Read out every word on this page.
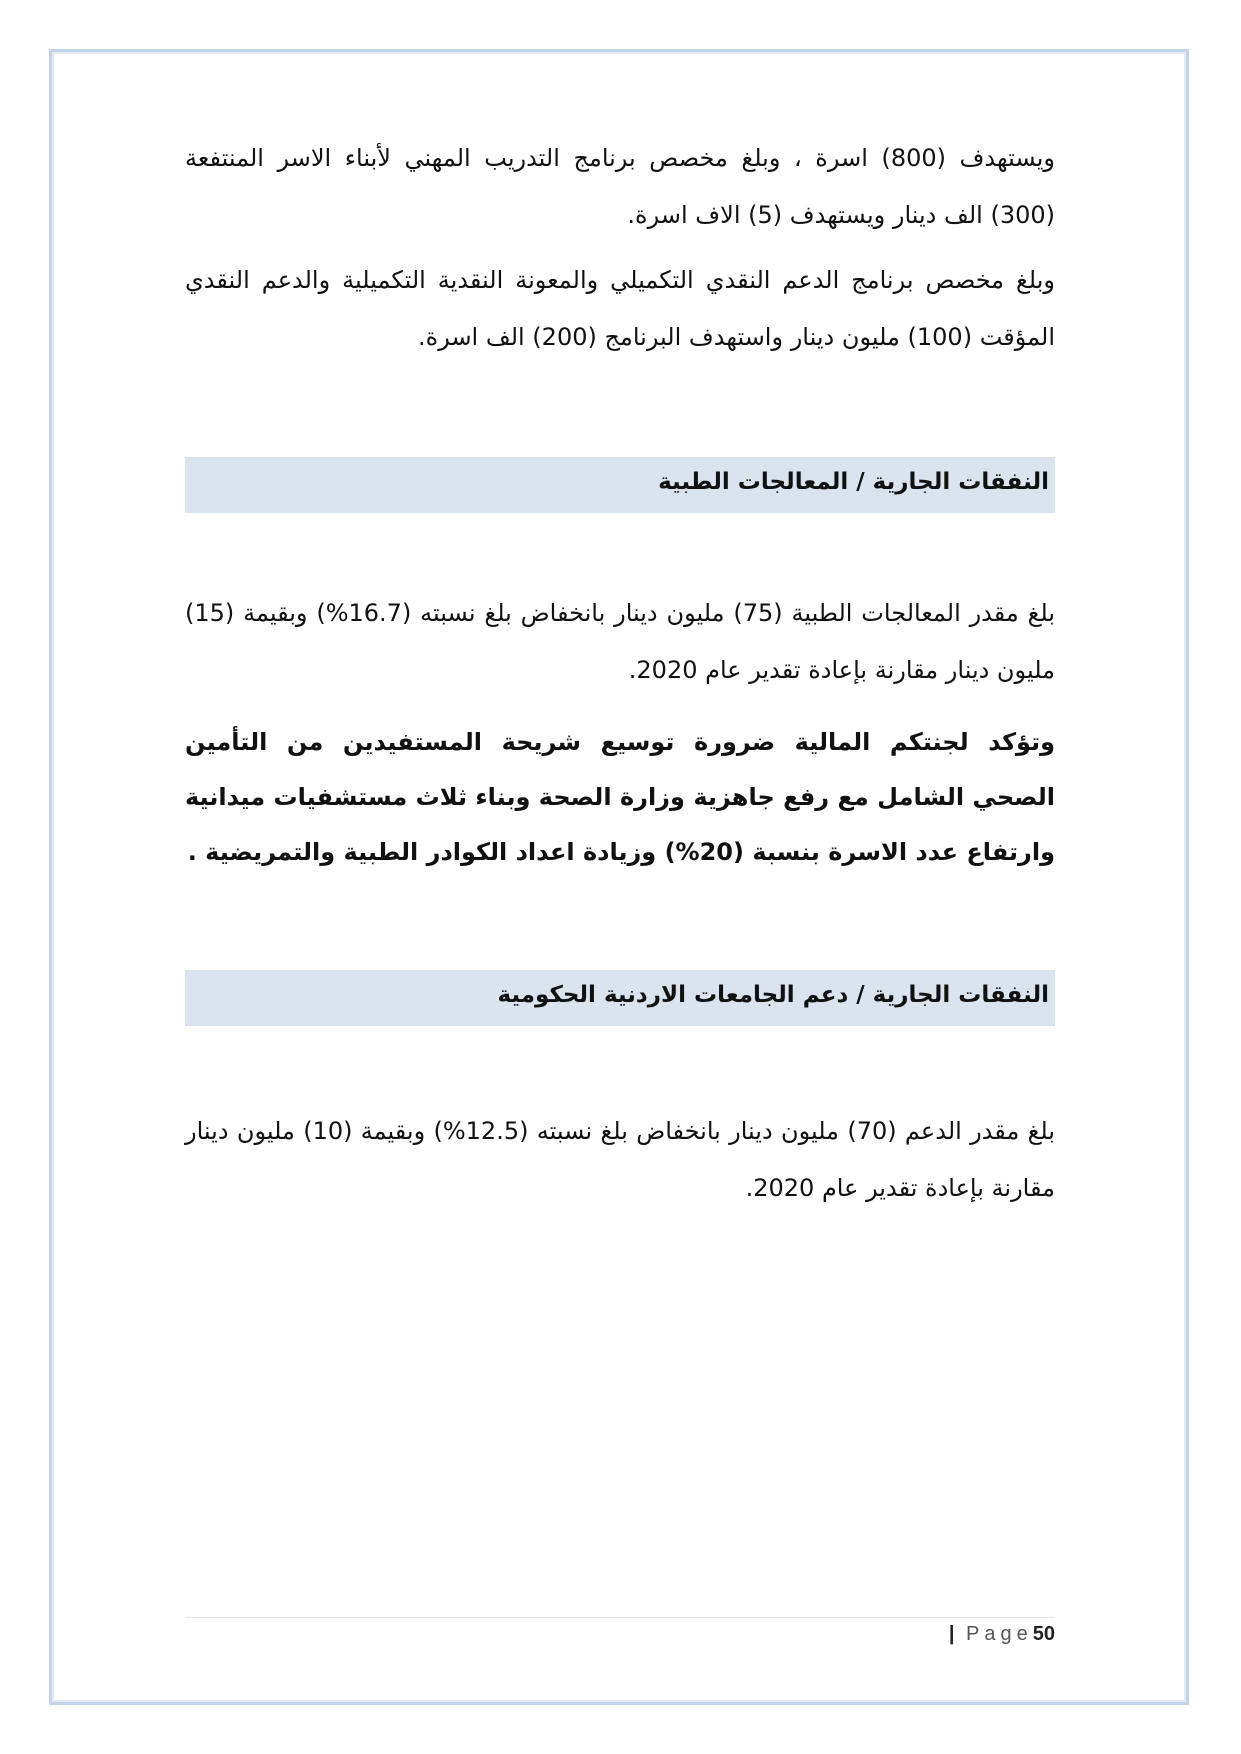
ويستهدف (800) اسرة ، وبلغ مخصص برنامج التدريب المهني لأبناء الاسر المنتفعة (300) الف دينار ويستهدف (5) الاف اسرة.

وبلغ مخصص برنامج الدعم النقدي التكميلي والمعونة النقدية التكميلية والدعم النقدي المؤقت (100) مليون دينار واستهدف البرنامج (200) الف اسرة.

النفقات الجارية / المعالجات الطبية

بلغ مقدر المعالجات الطبية (75) مليون دينار بانخفاض بلغ نسبته (16.7%) وبقيمة (15) مليون دينار مقارنة بإعادة تقدير عام 2020.

وتؤكد لجنتكم المالية ضرورة توسيع شريحة المستفيدين من التأمين الصحي الشامل مع رفع جاهزية وزارة الصحة وبناء ثلاث مستشفيات ميدانية وارتفاع عدد الاسرة بنسبة (20%) وزيادة اعداد الكوادر الطبية والتمريضية .

النفقات الجارية / دعم الجامعات الاردنية الحكومية

بلغ مقدر الدعم (70) مليون دينار بانخفاض بلغ نسبته (12.5%) وبقيمة (10) مليون دينار مقارنة بإعادة تقدير عام 2020.

| Page50
